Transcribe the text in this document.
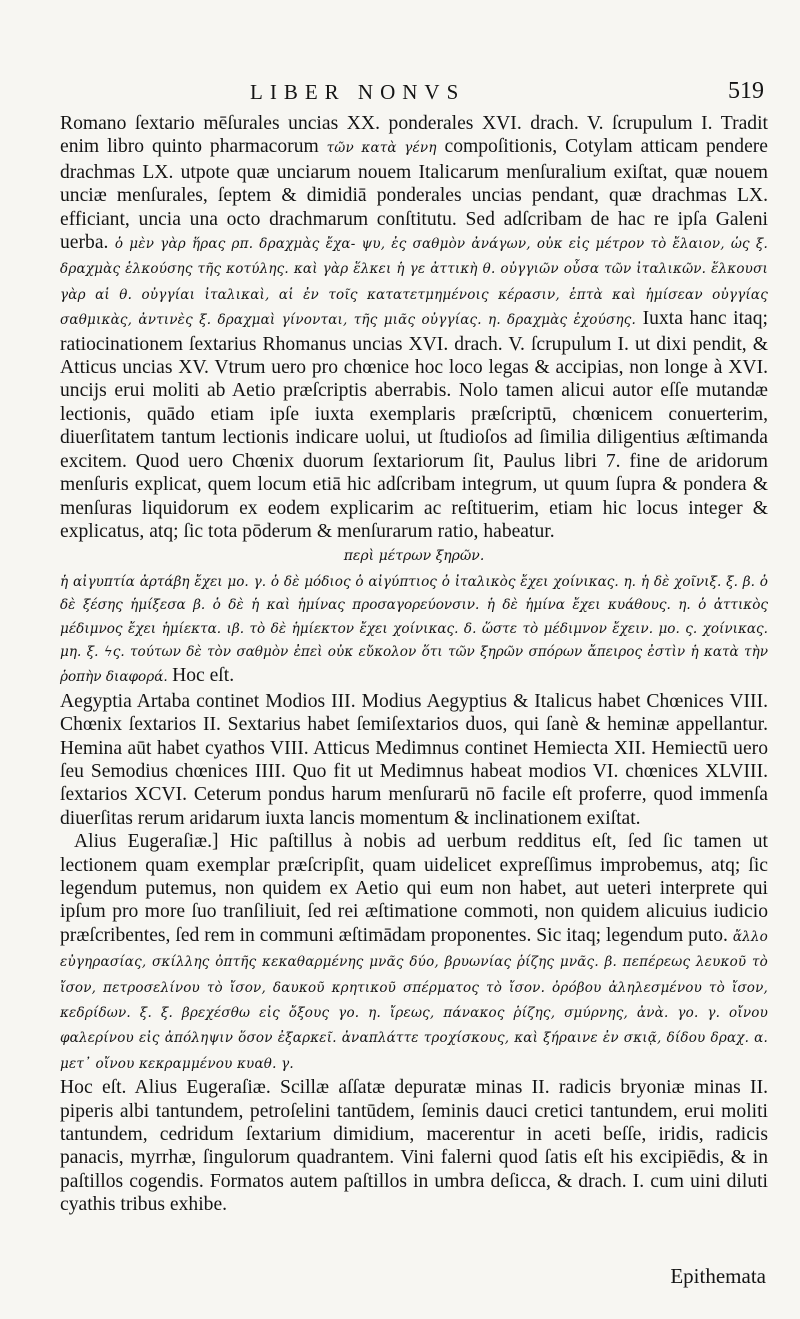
LIBER NONVS	519

Romano ſextario mēſurales uncias XX. ponderales XVI. drach. V. ſcrupulum I. Tradit enim libro quinto pharmacorum τῶν κατὰ γένη compoſitionis, Cotylam atticam pendere drachmas LX. utpote quæ unciarum nouem Italicarum menſuralium exiſtat, quæ nouem unciæ menſurales, ſeptem & dimidiā ponderales uncias pendant, quæ drachmas LX. efficiant, uncia una octo drachmarum conſtitutu. Sed adſcribam de hac re ipſa Galeni uerba. ὁ μὲν γὰρ ἥρας ρπ. δραχμὰς ἔχα- ψυ, ἐς σαθμὸν ἀνάγων, οὐκ εἰς μέτρον τὸ ἔλαιον, ὡς ξ. δραχμὰς ἑλκούσης τῆς κοτύλης. καὶ γὰρ ἕλκει ἡ γε ἀττικὴ θ. οὐγγιῶν οὖσα τῶν ἰταλικῶν. ἕλκουσι γὰρ αἱ θ. οὐγγίαι ἰταλικαὶ, αἱ ἐν τοῖς κατατετμημένοις κέρασιν, ἑπτὰ καὶ ἡμίσεαν οὐγγίας σαθμικὰς, ἀντινὲς ξ. δραχμαὶ γίνονται, τῆς μιᾶς οὐγγίας. η. δραχμὰς ἐχούσης. Iuxta hanc itaq; ratiocinationem ſextarius Rhomanus uncias XVI. drach. V. ſcrupulum I. ut dixi pendit, & Atticus uncias XV. Vtrum uero pro chœnice hoc loco legas & accipias, non longe à XVI. uncijs erui moliti ab Aetio præſcriptis aberrabis. Nolo tamen alicui autor eſſe mutandæ lectionis, quādo etiam ipſe iuxta exemplaris præſcriptū, chœnicem conuerterim, diuerſitatem tantum lectionis indicare uolui, ut ſtudioſos ad ſimilia diligentius æſtimanda excitem. Quod uero Chœnix duorum ſextariorum ſit, Paulus libri 7. fine de aridorum menſuris explicat, quem locum etiā hic adſcribam integrum, ut quum ſupra & pondera & menſuras liquidorum ex eodem explicarim ac reſtituerim, etiam hic locus integer & explicatus, atq; ſic tota pōderum & menſurarum ratio, habeatur.

περὶ μέτρων ξηρῶν.

ἡ αἰγυπτία ἀρτάβη ἔχει μο. γ. ὁ δὲ μόδιος ὁ αἰγύπτιος ὁ ἰταλικὸς ἔχει χοίνικας. η. ἡ δὲ χοῖνιξ. ξ. β. ὁ δὲ ξέσης ἡμίξεσα β. ὁ δὲ ἡ καὶ ἡμίνας προσαγορεύονσιν. ἡ δὲ ἡμίνα ἔχει κυάθους. η. ὁ ἀττικὸς μέδιμνος ἔχει ἡμίεκτα. ιβ. τὸ δὲ ἡμίεκτον ἔχει χοίνικας. δ. ὥστε τὸ μέδιμνον ἔχειν. μο. ς. χοίνικας. μη. ξ. ϟς. τούτων δὲ τὸν σαθμὸν ἐπεὶ οὐκ εὔκολον ὅτι τῶν ξηρῶν σπόρων ἄπειρος ἐστὶν ἡ κατὰ τὴν ῥοπὴν διαφορά. Hoc eſt.

Aegyptia Artaba continet Modios III. Modius Aegyptius & Italicus habet Chœnices VIII. Chœnix ſextarios II. Sextarius habet ſemiſextarios duos, qui ſanè & heminæ appellantur. Hemina aūt habet cyathos VIII. Atticus Medimnus continet Hemiecta XII. Hemiectū uero ſeu Semodius chœnices IIII. Quo fit ut Medimnus habeat modios VI. chœnices XLVIII. ſextarios XCVI. Ceterum pondus harum menſurarū nō facile eſt proferre, quod immenſa diuerſitas rerum aridarum iuxta lancis momentum & inclinationem exiſtat.

Alius Eugeraſiæ.] Hic paſtillus à nobis ad uerbum redditus eſt, ſed ſic tamen ut lectionem quam exemplar præſcripſit, quam uidelicet expreſſimus improbemus, atq; ſic legendum putemus, non quidem ex Aetio qui eum non habet, aut ueteri interprete qui ipſum pro more ſuo tranſiliuit, ſed rei æſtimatione commoti, non quidem alicuius iudicio præſcribentes, ſed rem in communi æſtimādam proponentes. Sic itaq; legendum puto. ἄλλο εὐγηρασίας, σκίλλης ὀπτῆς κεκαθαρμένης μνᾶς δύο, βρυωνίας ῥίζης μνᾶς. β. πεπέρεως λευκοῦ τὸ ἴσον, πετροσελίνου τὸ ἴσον, δαυκοῦ κρητικοῦ σπέρματος τὸ ἴσον. ὀρόβου ἀληλεσμένου τὸ ἴσον, κεδρίδων. ξ. ξ. βρεχέσθω εἰς ὄξους γο. η. ἴρεως, πάνακος ῥίζης, σμύρνης, ἀνὰ. γο. γ. οἴνου φαλερίνου εἰς ἀπόληψιν ὅσον ἐξαρκεῖ. ἀναπλάττε τροχίσκους, καὶ ξήραινε ἐν σκιᾷ, δίδου δραχ. α. μετ᾽ οἴνου κεκραμμένου κυαθ. γ.

Hoc eſt. Alius Eugeraſiæ. Scillæ aſſatæ depuratæ minas II. radicis bryoniæ minas II. piperis albi tantundem, petroſelini tantūdem, ſeminis dauci cretici tantundem, erui moliti tantundem, cedridum ſextarium dimidium, macerentur in aceti beſſe, iridis, radicis panacis, myrrhæ, ſingulorum quadrantem. Vini falerni quod ſatis eſt his excipiēdis, & in paſtillos cogendis. Formatos autem paſtillos in umbra deſicca, & drach. I. cum uini diluti cyathis tribus exhibe.

Epithemata
